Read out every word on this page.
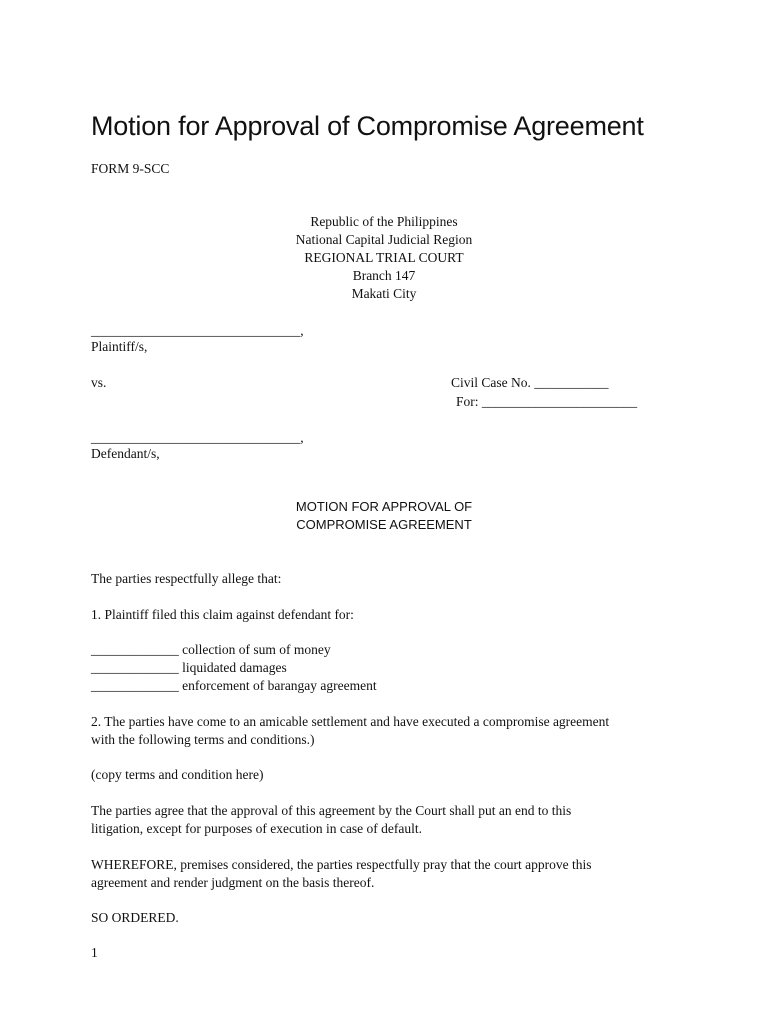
Motion for Approval of Compromise Agreement
FORM 9-SCC
Republic of the Philippines
National Capital Judicial Region
REGIONAL TRIAL COURT
Branch 147
Makati City
_______________________________,
Plaintiff/s,
vs.	Civil Case No. ___________
For: _______________________
_______________________________,
Defendant/s,
MOTION FOR APPROVAL OF
COMPROMISE AGREEMENT
The parties respectfully allege that:
1. Plaintiff filed this claim against defendant for:
_____________ collection of sum of money
_____________ liquidated damages
_____________ enforcement of barangay agreement
2. The parties have come to an amicable settlement and have executed a compromise agreement
with the following terms and conditions.)
(copy terms and condition here)
The parties agree that the approval of this agreement by the Court shall put an end to this
litigation, except for purposes of execution in case of default.
WHEREFORE, premises considered, the parties respectfully pray that the court approve this
agreement and render judgment on the basis thereof.
SO ORDERED.
1
